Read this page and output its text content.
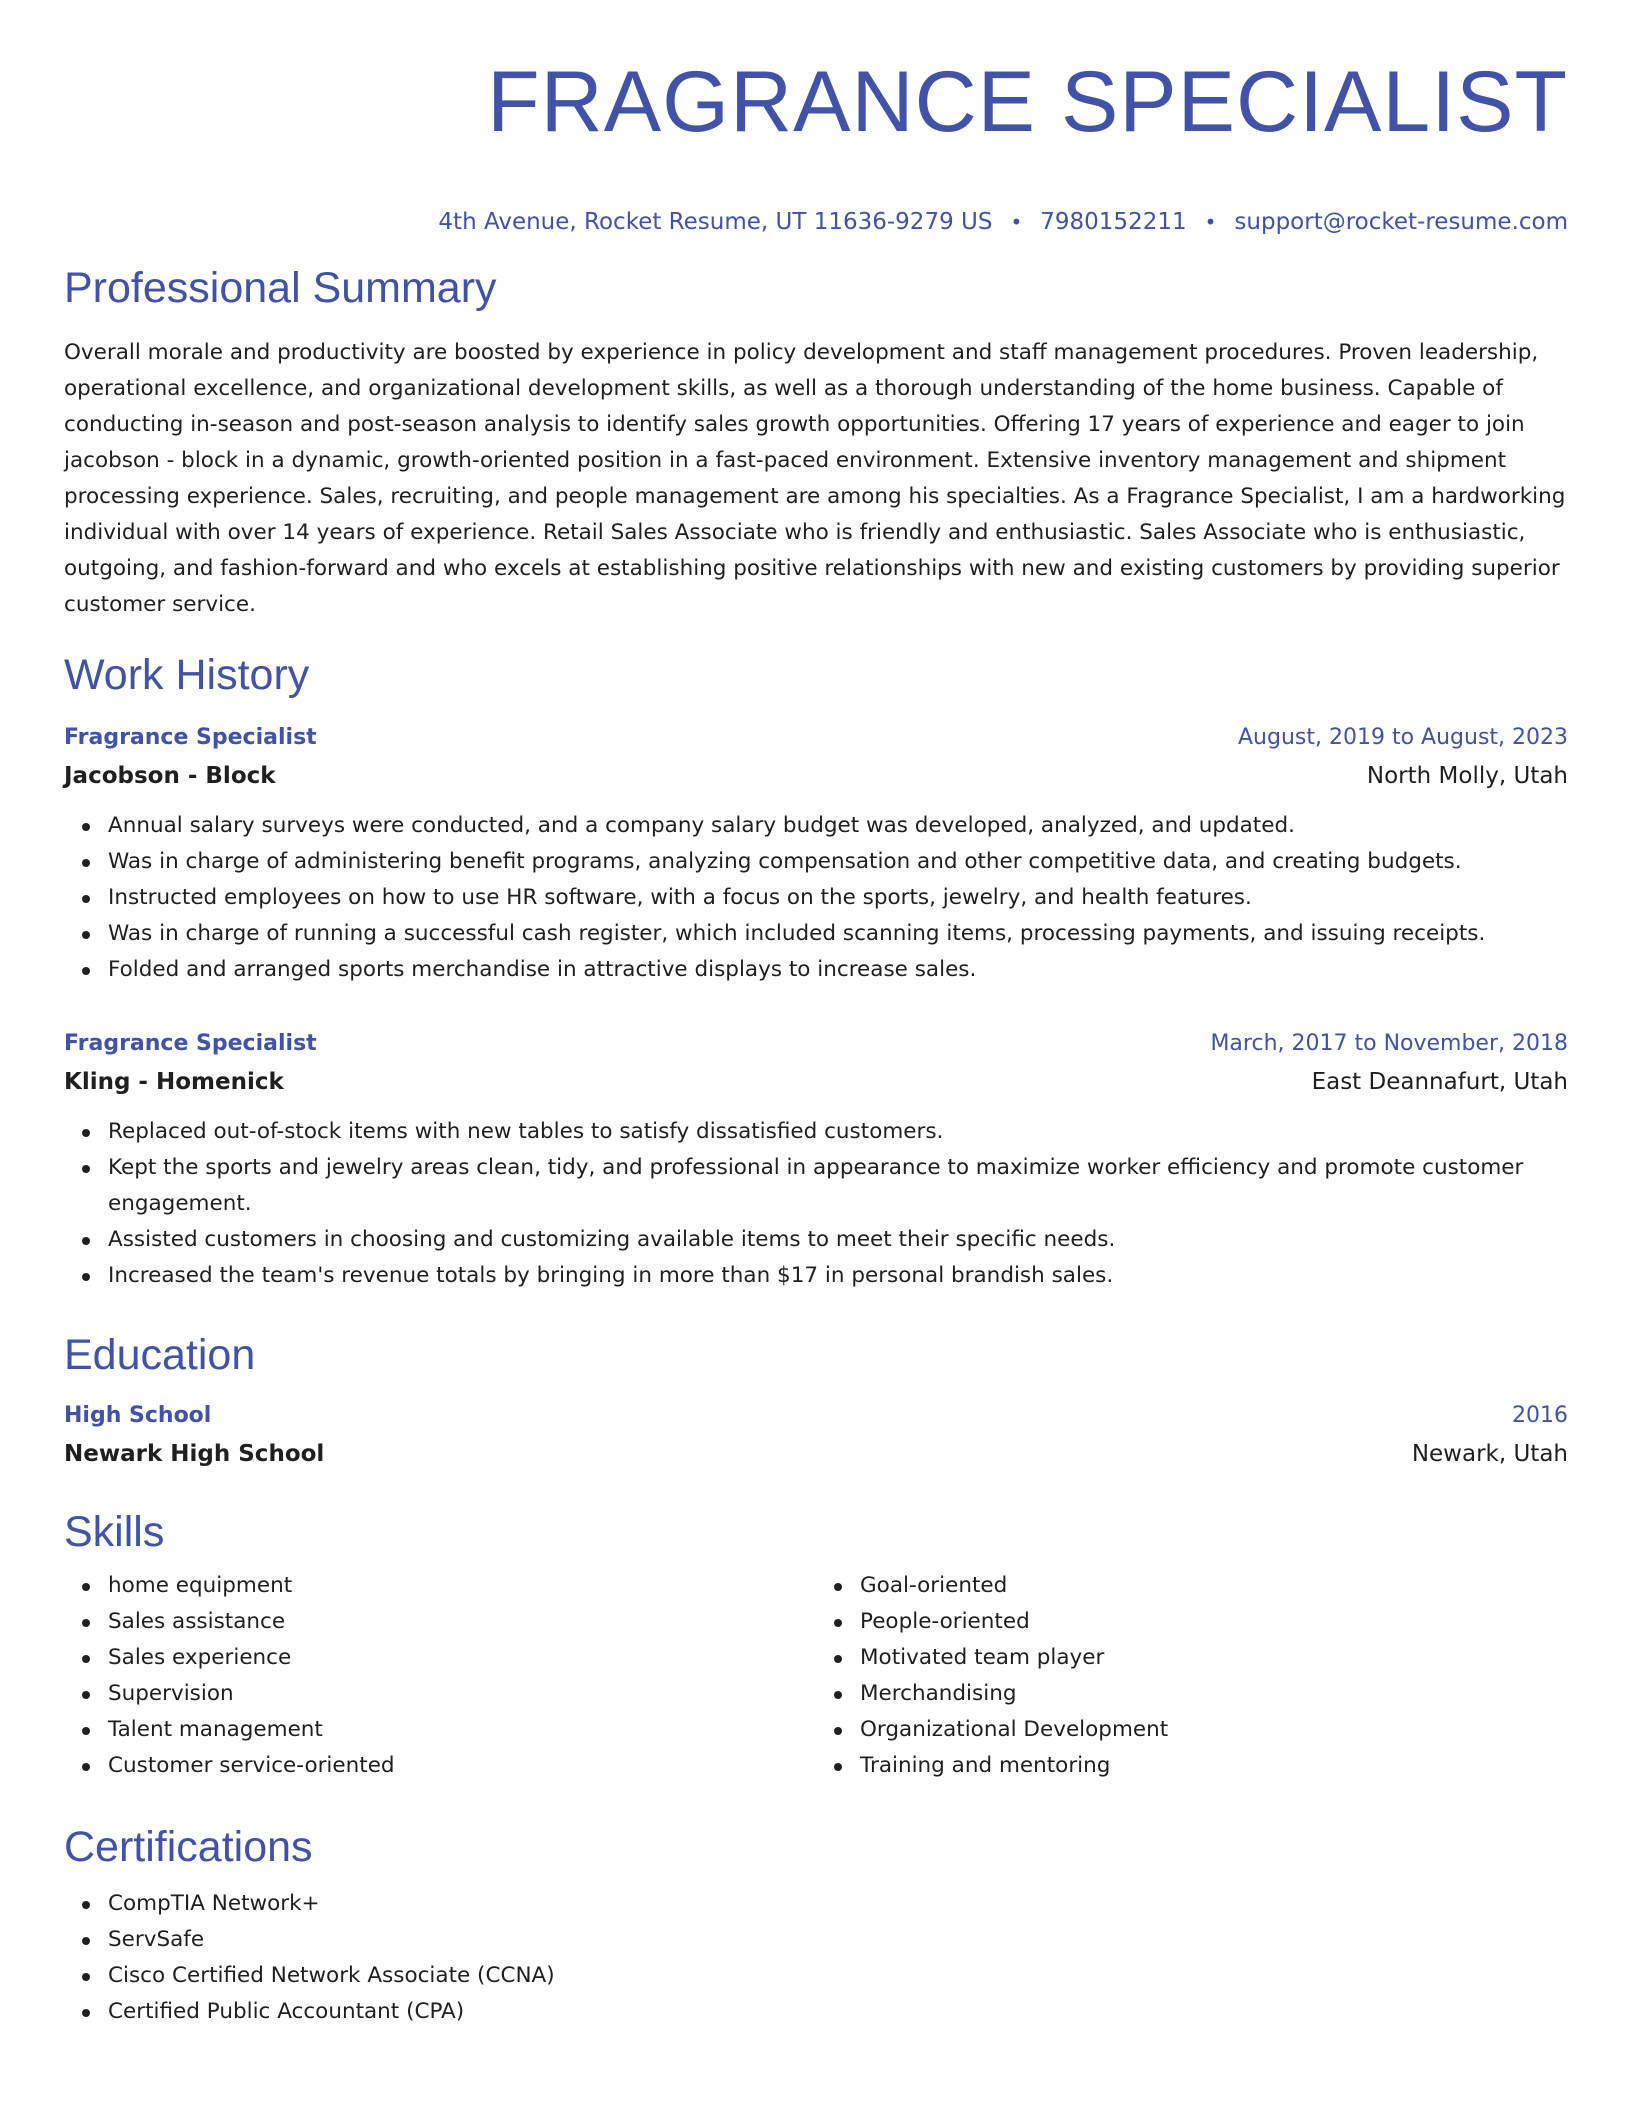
FRAGRANCE SPECIALIST
4th Avenue, Rocket Resume, UT 11636-9279 US • 7980152211 • support@rocket-resume.com
Professional Summary

Overall morale and productivity are boosted by experience in policy development and staff management procedures. Proven leadership, operational excellence, and organizational development skills, as well as a thorough understanding of the home business. Capable of conducting in-season and post-season analysis to identify sales growth opportunities. Offering 17 years of experience and eager to join jacobson - block in a dynamic, growth-oriented position in a fast-paced environment. Extensive inventory management and shipment processing experience. Sales, recruiting, and people management are among his specialties. As a Fragrance Specialist, I am a hardworking individual with over 14 years of experience. Retail Sales Associate who is friendly and enthusiastic. Sales Associate who is enthusiastic, outgoing, and fashion-forward and who excels at establishing positive relationships with new and existing customers by providing superior customer service.

Work History
Fragrance Specialist	August, 2019 to August, 2023
Jacobson - Block	North Molly, Utah
Annual salary surveys were conducted, and a company salary budget was developed, analyzed, and updated.
Was in charge of administering benefit programs, analyzing compensation and other competitive data, and creating budgets.
Instructed employees on how to use HR software, with a focus on the sports, jewelry, and health features.
Was in charge of running a successful cash register, which included scanning items, processing payments, and issuing receipts.
Folded and arranged sports merchandise in attractive displays to increase sales.
Fragrance Specialist	March, 2017 to November, 2018
Kling - Homenick	East Deannafurt, Utah
Replaced out-of-stock items with new tables to satisfy dissatisfied customers.
Kept the sports and jewelry areas clean, tidy, and professional in appearance to maximize worker efficiency and promote customer engagement.
Assisted customers in choosing and customizing available items to meet their specific needs.
Increased the team's revenue totals by bringing in more than $17 in personal brandish sales.
Education
High School	2016
Newark High School	Newark, Utah
Skills
home equipment
Sales assistance
Sales experience
Supervision
Talent management
Customer service-oriented
Goal-oriented
People-oriented
Motivated team player
Merchandising
Organizational Development
Training and mentoring
Certifications
CompTIA Network+
ServSafe
Cisco Certified Network Associate (CCNA)
Certified Public Accountant (CPA)
